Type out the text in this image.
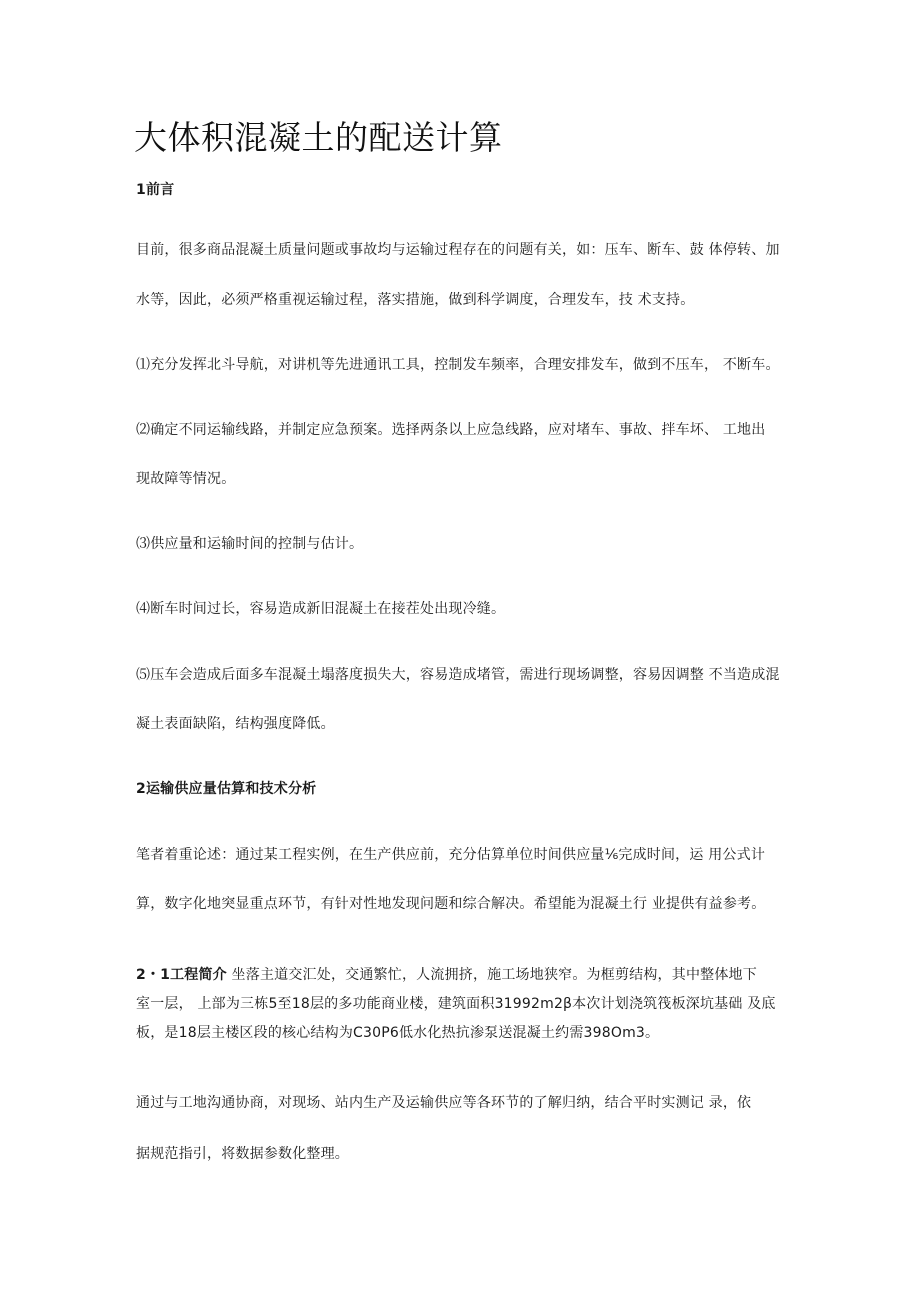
大体积混凝土的配送计算
1前言
目前，很多商品混凝土质量问题或事故均与运输过程存在的问题有关，如：压车、断车、鼓 体停转、加
水等，因此，必须严格重视运输过程，落实措施，做到科学调度，合理发车，技 术支持。
⑴充分发挥北斗导航，对讲机等先进通讯工具，控制发车频率，合理安排发车，做到不压车， 不断车。
⑵确定不同运输线路，并制定应急预案。选择两条以上应急线路，应对堵车、事故、拌车坏、 工地出
现故障等情况。
⑶供应量和运输时间的控制与估计。
⑷断车时间过长，容易造成新旧混凝土在接茬处出现冷缝。
⑸压车会造成后面多车混凝土塌落度损失大，容易造成堵管，需进行现场调整，容易因调整 不当造成混
凝土表面缺陷，结构强度降低。
2运输供应量估算和技术分析
笔者着重论述：通过某工程实例，在生产供应前，充分估算单位时间供应量⅙完成时间，运 用公式计
算，数字化地突显重点环节，有针对性地发现问题和综合解决。希望能为混凝土行 业提供有益参考。
2・1工程简介 坐落主道交汇处，交通繁忙，人流拥挤，施工场地狭窄。为框剪结构，其中整体地下
室一层， 上部为三栋5至18层的多功能商业楼，建筑面积31992m2β本次计划浇筑筏板深坑基础 及底
板，是18层主楼区段的核心结构为C30P6低水化热抗渗泵送混凝土约需398Om3。
通过与工地沟通协商，对现场、站内生产及运输供应等各环节的了解归纳，结合平时实测记 录，依
据规范指引，将数据参数化整理。
